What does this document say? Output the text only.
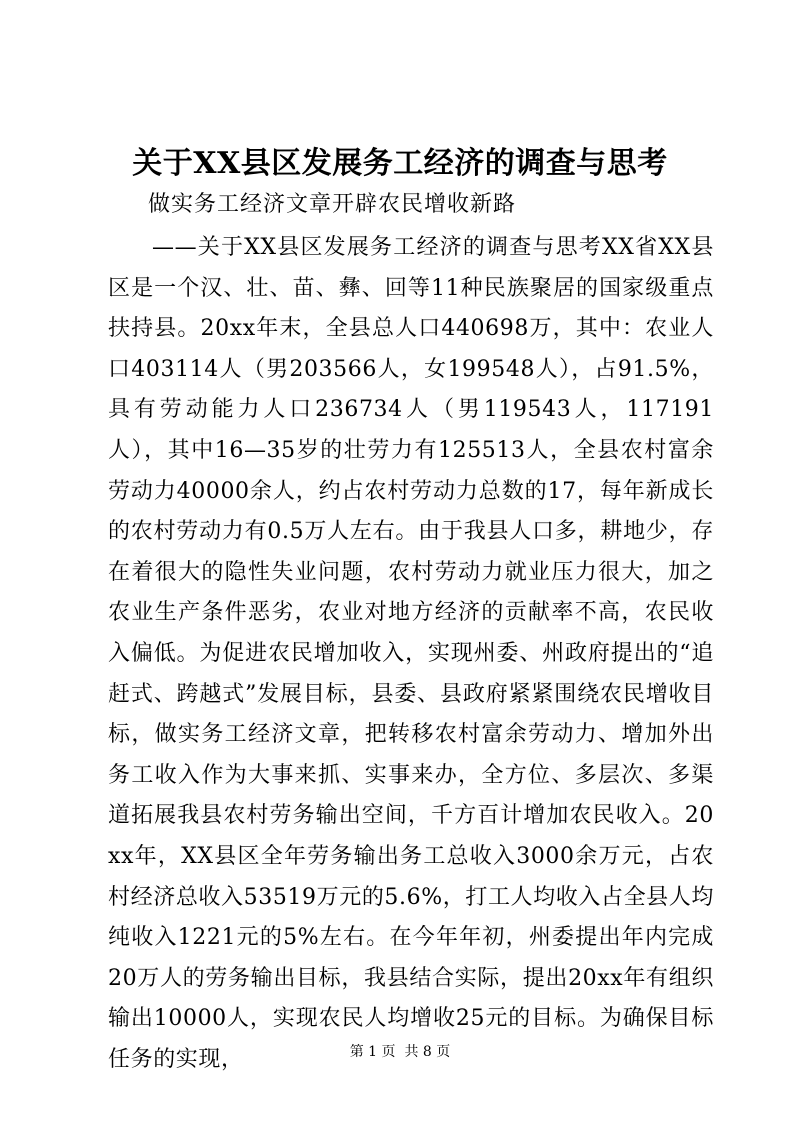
关于XX县区发展务工经济的调查与思考
做实务工经济文章开辟农民增收新路
——关于XX县区发展务工经济的调查与思考XX省XX县区是一个汉、壮、苗、彝、回等11种民族聚居的国家级重点扶持县。20xx年末，全县总人口440698万，其中：农业人口403114人（男203566人，女199548人），占91.5%，具有劳动能力人口236734人（男119543人，117191人），其中16—35岁的壮劳力有125513人，全县农村富余劳动力40000余人，约占农村劳动力总数的17，每年新成长的农村劳动力有0.5万人左右。由于我县人口多，耕地少，存在着很大的隐性失业问题，农村劳动力就业压力很大，加之农业生产条件恶劣，农业对地方经济的贡献率不高，农民收入偏低。为促进农民增加收入，实现州委、州政府提出的“追赶式、跨越式”发展目标，县委、县政府紧紧围绕农民增收目标，做实务工经济文章，把转移农村富余劳动力、增加外出务工收入作为大事来抓、实事来办，全方位、多层次、多渠道拓展我县农村劳务输出空间，千方百计增加农民收入。20xx年，XX县区全年劳务输出务工总收入3000余万元，占农村经济总收入53519万元的5.6%，打工人均收入占全县人均纯收入1221元的5%左右。在今年年初，州委提出年内完成20万人的劳务输出目标，我县结合实际，提出20xx年有组织输出10000人，实现农民人均增收25元的目标。为确保目标任务的实现，	第 1 页  共 8 页
